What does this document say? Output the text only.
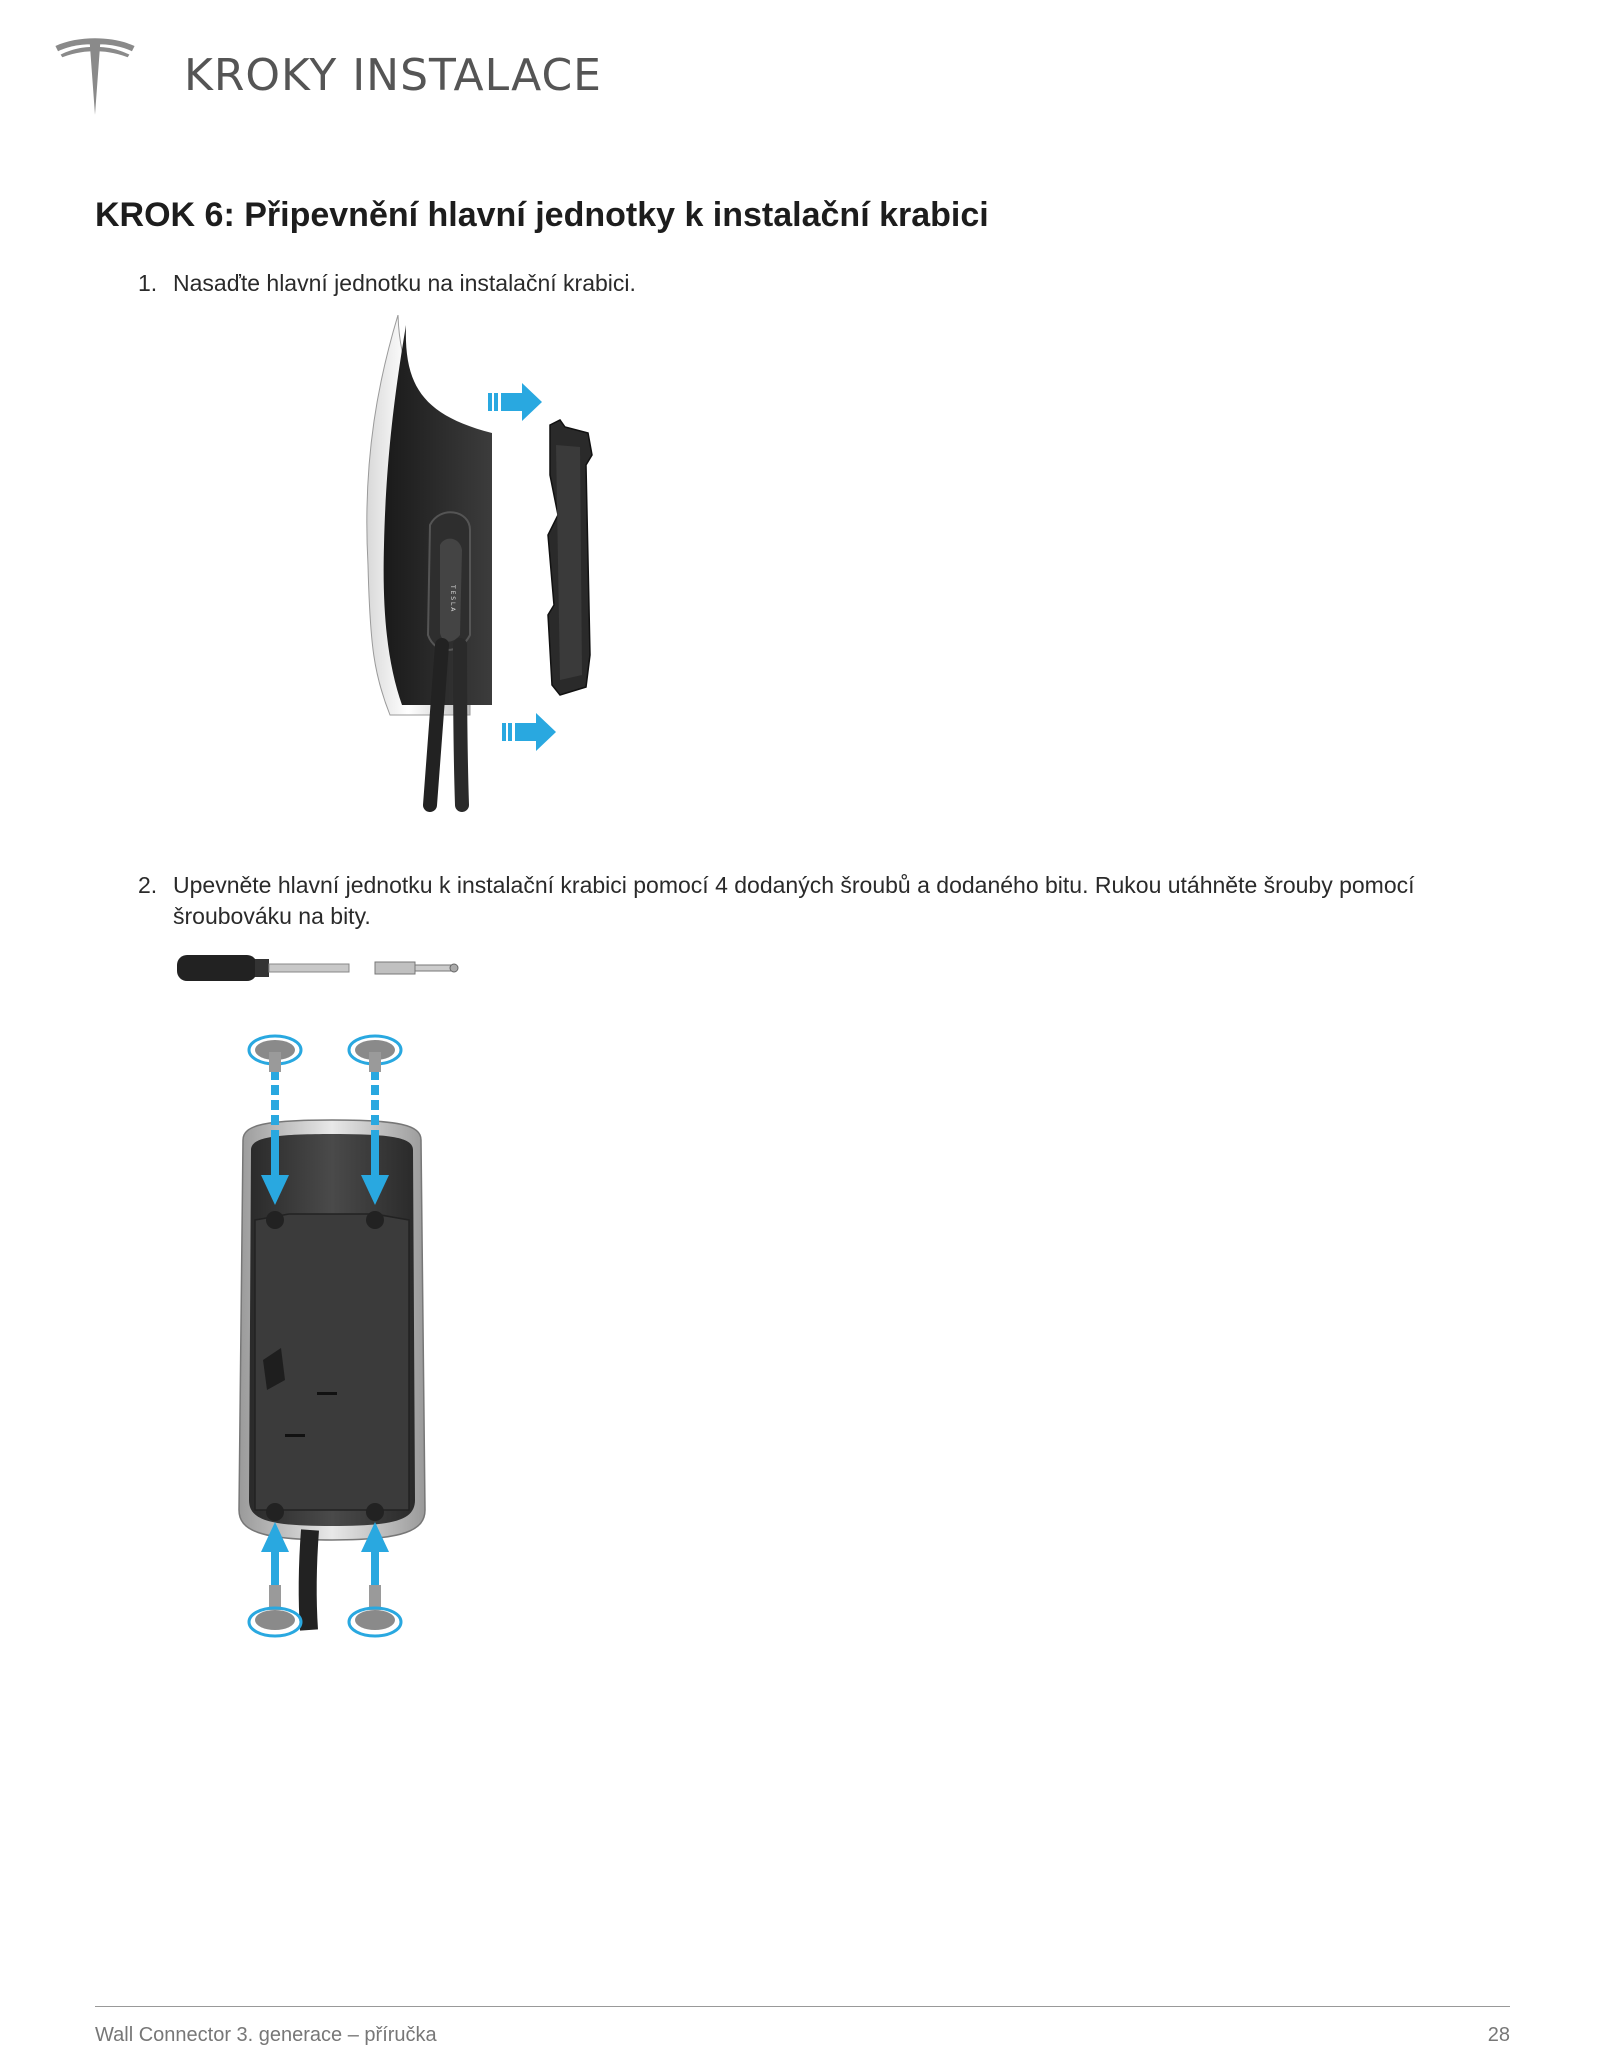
KROKY INSTALACE
KROK 6: Připevnění hlavní jednotky k instalační krabici
1. Nasaďte hlavní jednotku na instalační krabici.
T E S L A
2. Upevněte hlavní jednotku k instalační krabici pomocí 4 dodaných šroubů a dodaného bitu. Rukou utáhněte šrouby pomocí šroubováku na bity.
Wall Connector 3. generace – příručka	28
